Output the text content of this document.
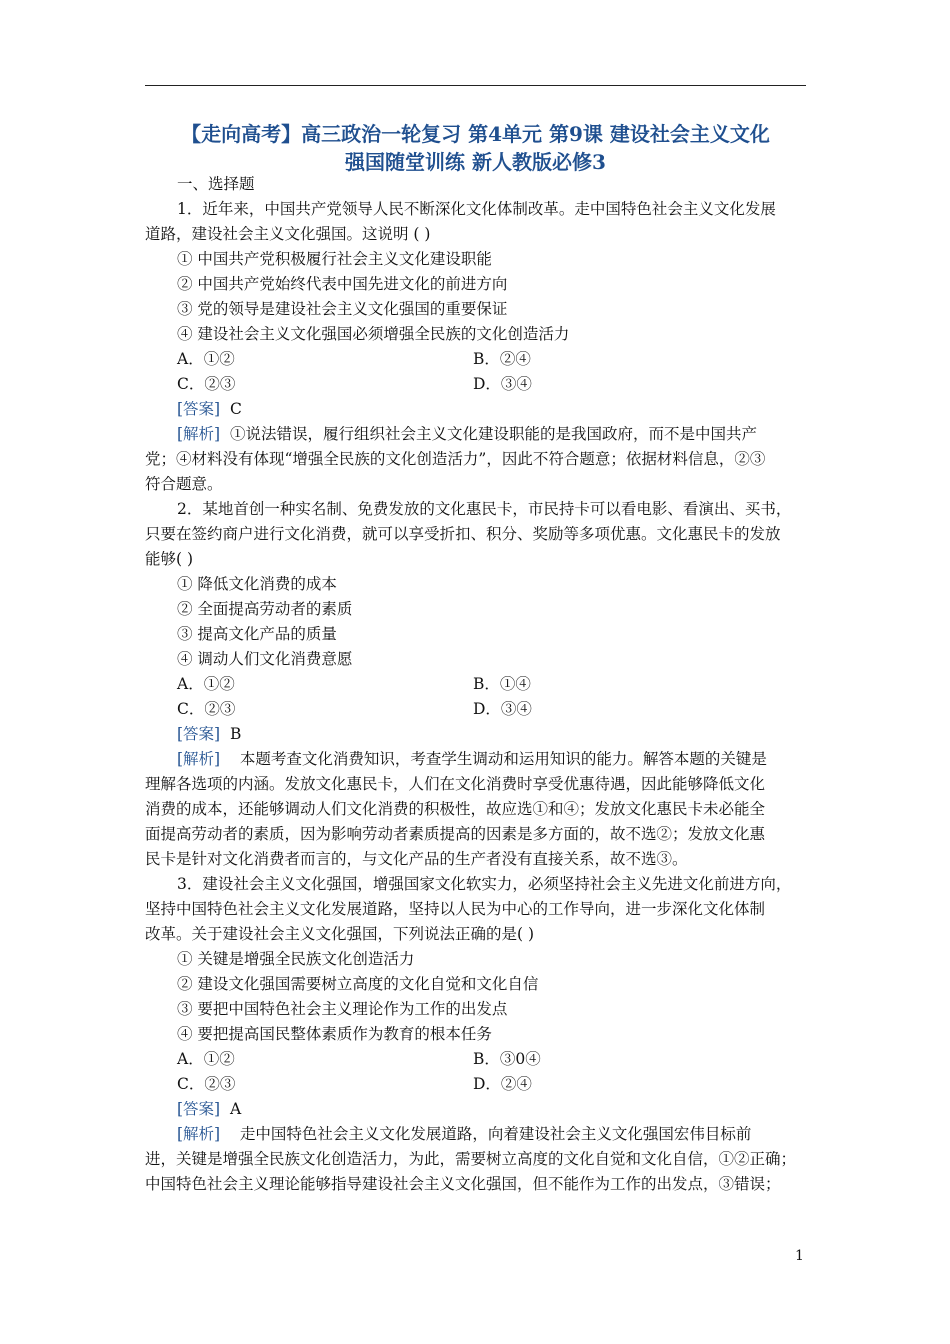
【走向高考】高三政治一轮复习 第4单元 第9课 建设社会主义文化
强国随堂训练 新人教版必修3
一、选择题
1．近年来，中国共产党领导人民不断深化文化体制改革。走中国特色社会主义文化发展
道路，建设社会主义文化强国。这说明 ( )
① 中国共产党积极履行社会主义文化建设职能
② 中国共产党始终代表中国先进文化的前进方向
③ 党的领导是建设社会主义文化强国的重要保证
④ 建设社会主义文化强国必须增强全民族的文化创造活力
A．①②	B．②④
C．②③	D．③④
[答案] C
[解析] ①说法错误，履行组织社会主义文化建设职能的是我国政府，而不是中国共产
党；④材料没有体现“增强全民族的文化创造活力”，因此不符合题意；依据材料信息，②③
符合题意。
2．某地首创一种实名制、免费发放的文化惠民卡，市民持卡可以看电影、看演出、买书，
只要在签约商户进行文化消费，就可以享受折扣、积分、奖励等多项优惠。文化惠民卡的发放
能够( )
① 降低文化消费的成本
② 全面提高劳动者的素质
③ 提高文化产品的质量
④ 调动人们文化消费意愿
A．①②	B．①④
C．②③	D．③④
[答案] B
[解析] 本题考查文化消费知识，考查学生调动和运用知识的能力。解答本题的关键是
理解各选项的内涵。发放文化惠民卡，人们在文化消费时享受优惠待遇，因此能够降低文化
消费的成本，还能够调动人们文化消费的积极性，故应选①和④；发放文化惠民卡未必能全
面提高劳动者的素质，因为影响劳动者素质提高的因素是多方面的，故不选②；发放文化惠
民卡是针对文化消费者而言的，与文化产品的生产者没有直接关系，故不选③。
3．建设社会主义文化强国，增强国家文化软实力，必须坚持社会主义先进文化前进方向，
坚持中国特色社会主义文化发展道路，坚持以人民为中心的工作导向，进一步深化文化体制
改革。关于建设社会主义文化强国，下列说法正确的是( )
① 关键是增强全民族文化创造活力
② 建设文化强国需要树立高度的文化自觉和文化自信
③ 要把中国特色社会主义理论作为工作的出发点
④ 要把提高国民整体素质作为教育的根本任务
A．①②	B．③0④
C．②③	D．②④
[答案] A
[解析] 走中国特色社会主义文化发展道路，向着建设社会主义文化强国宏伟目标前
进，关键是增强全民族文化创造活力，为此，需要树立高度的文化自觉和文化自信，①②正确；
中国特色社会主义理论能够指导建设社会主义文化强国，但不能作为工作的出发点，③错误；
1
